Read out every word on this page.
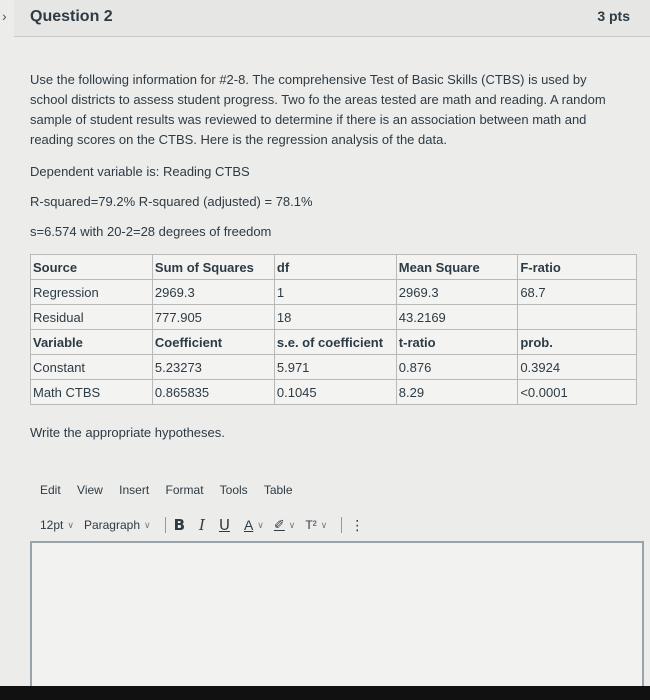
› Question 2	3 pts

Use the following information for #2-8. The comprehensive Test of Basic Skills (CTBS) is used by school districts to assess student progress. Two fo the areas tested are math and reading. A random sample of student results was reviewed to determine if there is an association between math and reading scores on the CTBS. Here is the regression analysis of the data.

Dependent variable is: Reading CTBS
R-squared=79.2% R-squared (adjusted) = 78.1%
s=6.574 with 20-2=28 degrees of freedom
Source	Sum of Squares	df	Mean Square	F-ratio
Regression	2969.3	1	2969.3	68.7
Residual	777.905	18	43.2169	
Variable	Coefficient	s.e. of coefficient	t-ratio	prob.
Constant	5.23273	5.971	0.876	0.3924
Math CTBS	0.865835	0.1045	8.29	<0.0001
Write the appropriate hypotheses.
Edit View Insert Format Tools Table
12pt ∨ Paragraph ∨ B I U A ∨ ✐ ∨ T² ∨ ⋮
